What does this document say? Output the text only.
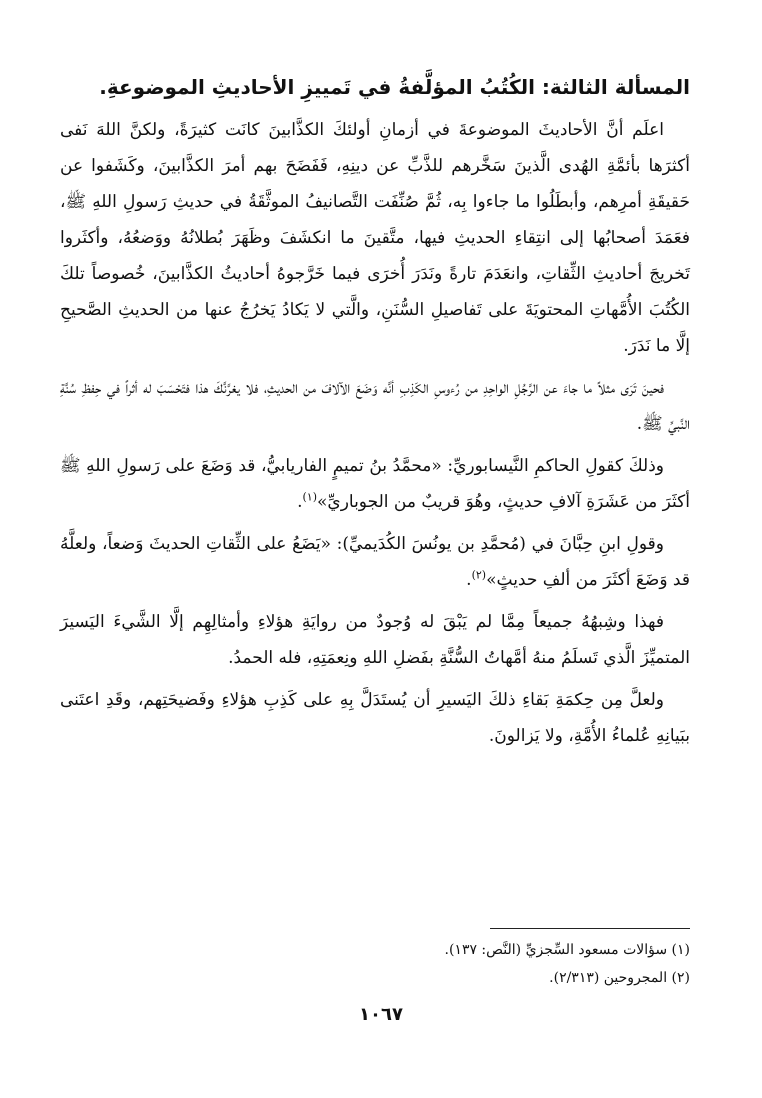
المسألة الثالثة: الكُتُبُ المؤلَّفةُ في تَمييزِ الأحاديثِ الموضوعةِ.

اعلَم أنَّ الأحاديثَ الموضوعةَ في أزمانِ أولئكَ الكذَّابينَ كانَت كثيرَةً، ولكنَّ اللهَ نَفى أكثرَها بأئمَّةِ الهُدى الَّذينَ سَخَّرهم للذَّبِّ عن دينِهِ، فَفَضَحَ بهم أمرَ الكذَّابينَ، وكَشَفوا عن حَقيقَةِ أمرِهم، وأبطَلُوا ما جاءوا بِه، ثُمَّ صُنِّفَت التَّصانيفُ الموثَّقَةُ في حديثِ رَسولِ اللهِ ﷺ، فعَمَدَ أصحابُها إلى انتِقاءِ الحديثِ فيها، متَّقينَ ما انكشَفَ وظَهَرَ بُطلانُهُ ووَضعُهُ، وأكثَروا تَخريجَ أحاديثِ الثِّقاتِ، وانعَدَمَ تارةً ونَدَرَ أُخرَى فيما خَرَّجوهُ أحاديثُ الكذَّابينَ، خُصوصاً تلكَ الكُتُبَ الأُمَّهاتِ المحتويَةَ على تَفاصيلِ السُّنَنِ، والَّتي لا يَكادُ يَخرُجُ عنها من الحديثِ الصَّحيحِ إلَّا ما نَدَرَ.

فحينَ تَرَى مثلاً ما جاءَ عن الرَّجُلِ الواحِدِ من رُءوسِ الكَذِبِ أنَّه وَضَعَ الآلافَ من الحديثِ، فلا يغرَّنَّكَ هذا فتَحْسَبَ له أثراً في حِفظِ سُنَّةِ النَّبيِّ ﷺ.

وذلكَ كقولِ الحاكمِ النَّيسابوريِّ: «محمَّدُ بنُ تميمٍ الفاريابيُّ، قد وَضَعَ على رَسولِ اللهِ ﷺ أكثَرَ من عَشَرَةِ آلافِ حديثٍ، وهُوَ قريبٌ من الجوباريِّ»$^{(١)}$.

وقولِ ابنِ حِبَّانَ في (مُحمَّدِ بن يونُسَ الكُدَيميِّ): «يَضَعُ على الثِّقاتِ الحديثَ وَضعاً، ولعلَّهُ قد وَضَعَ أكثَرَ من ألفِ حديثٍ»$^{(٢)}$.

فهذا وشِبهُهُ جميعاً مِمَّا لم يَبْقَ له وُجودٌ من روايَةِ هؤلاءِ وأمثالِهِم إلَّا الشَّيءَ اليَسيرَ المتميِّزَ الَّذي تَسلَمُ منهُ أمَّهاتُ السُّنَّةِ بفَضلِ اللهِ ونِعمَتِهِ، فله الحمدُ.

ولعلَّ مِن حِكمَةِ بَقاءِ ذلكَ اليَسيرِ أن يُستَدَلَّ بِهِ على كَذِبِ هؤلاءِ وفَضيحَتِهم، وقَدِ اعتَنى ببَيانِهِ عُلماءُ الأُمَّةِ، ولا يَزالونَ.

(١) سؤالات مسعود السِّجزيِّ (النَّص: ١٣٧).

(٢) المجروحين (٢/٣١٣).

١٠٦٧
